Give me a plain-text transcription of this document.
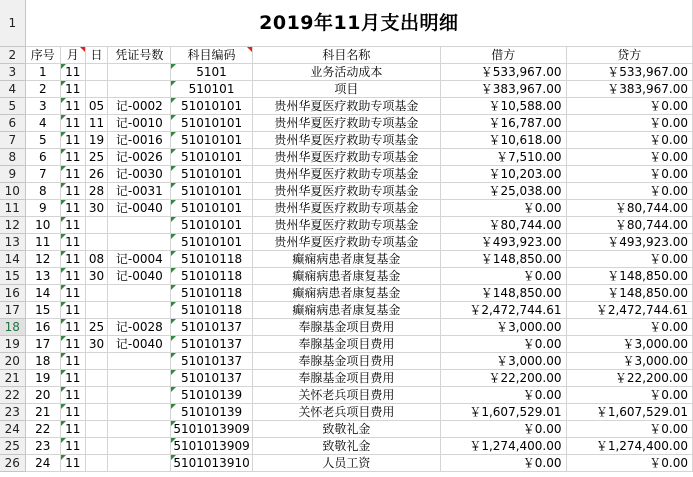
1	2019年11月支出明细							
2	序号	月	日	凭证号数	科目编码	科目名称	借方	贷方
3	1	11			5101	业务活动成本	￥533,967.00	￥533,967.00
4	2	11			510101	项目	￥383,967.00	￥383,967.00
5	3	11	05	记-0002	51010101	贵州华夏医疗救助专项基金	￥10,588.00	￥0.00
6	4	11	11	记-0010	51010101	贵州华夏医疗救助专项基金	￥16,787.00	￥0.00
7	5	11	19	记-0016	51010101	贵州华夏医疗救助专项基金	￥10,618.00	￥0.00
8	6	11	25	记-0026	51010101	贵州华夏医疗救助专项基金	￥7,510.00	￥0.00
9	7	11	26	记-0030	51010101	贵州华夏医疗救助专项基金	￥10,203.00	￥0.00
10	8	11	28	记-0031	51010101	贵州华夏医疗救助专项基金	￥25,038.00	￥0.00
11	9	11	30	记-0040	51010101	贵州华夏医疗救助专项基金	￥0.00	￥80,744.00
12	10	11			51010101	贵州华夏医疗救助专项基金	￥80,744.00	￥80,744.00
13	11	11			51010101	贵州华夏医疗救助专项基金	￥493,923.00	￥493,923.00
14	12	11	08	记-0004	51010118	癫痫病患者康复基金	￥148,850.00	￥0.00
15	13	11	30	记-0040	51010118	癫痫病患者康复基金	￥0.00	￥148,850.00
16	14	11			51010118	癫痫病患者康复基金	￥148,850.00	￥148,850.00
17	15	11			51010118	癫痫病患者康复基金	￥2,472,744.61	￥2,472,744.61
18	16	11	25	记-0028	51010137	奉腺基金项目费用	￥3,000.00	￥0.00
19	17	11	30	记-0040	51010137	奉腺基金项目费用	￥0.00	￥3,000.00
20	18	11			51010137	奉腺基金项目费用	￥3,000.00	￥3,000.00
21	19	11			51010137	奉腺基金项目费用	￥22,200.00	￥22,200.00
22	20	11			51010139	关怀老兵项目费用	￥0.00	￥0.00
23	21	11			51010139	关怀老兵项目费用	￥1,607,529.01	￥1,607,529.01
24	22	11			5101013909	致敬礼金	￥0.00	￥0.00
25	23	11			5101013909	致敬礼金	￥1,274,400.00	￥1,274,400.00
26	24	11			5101013910	人员工资	￥0.00	￥0.00
